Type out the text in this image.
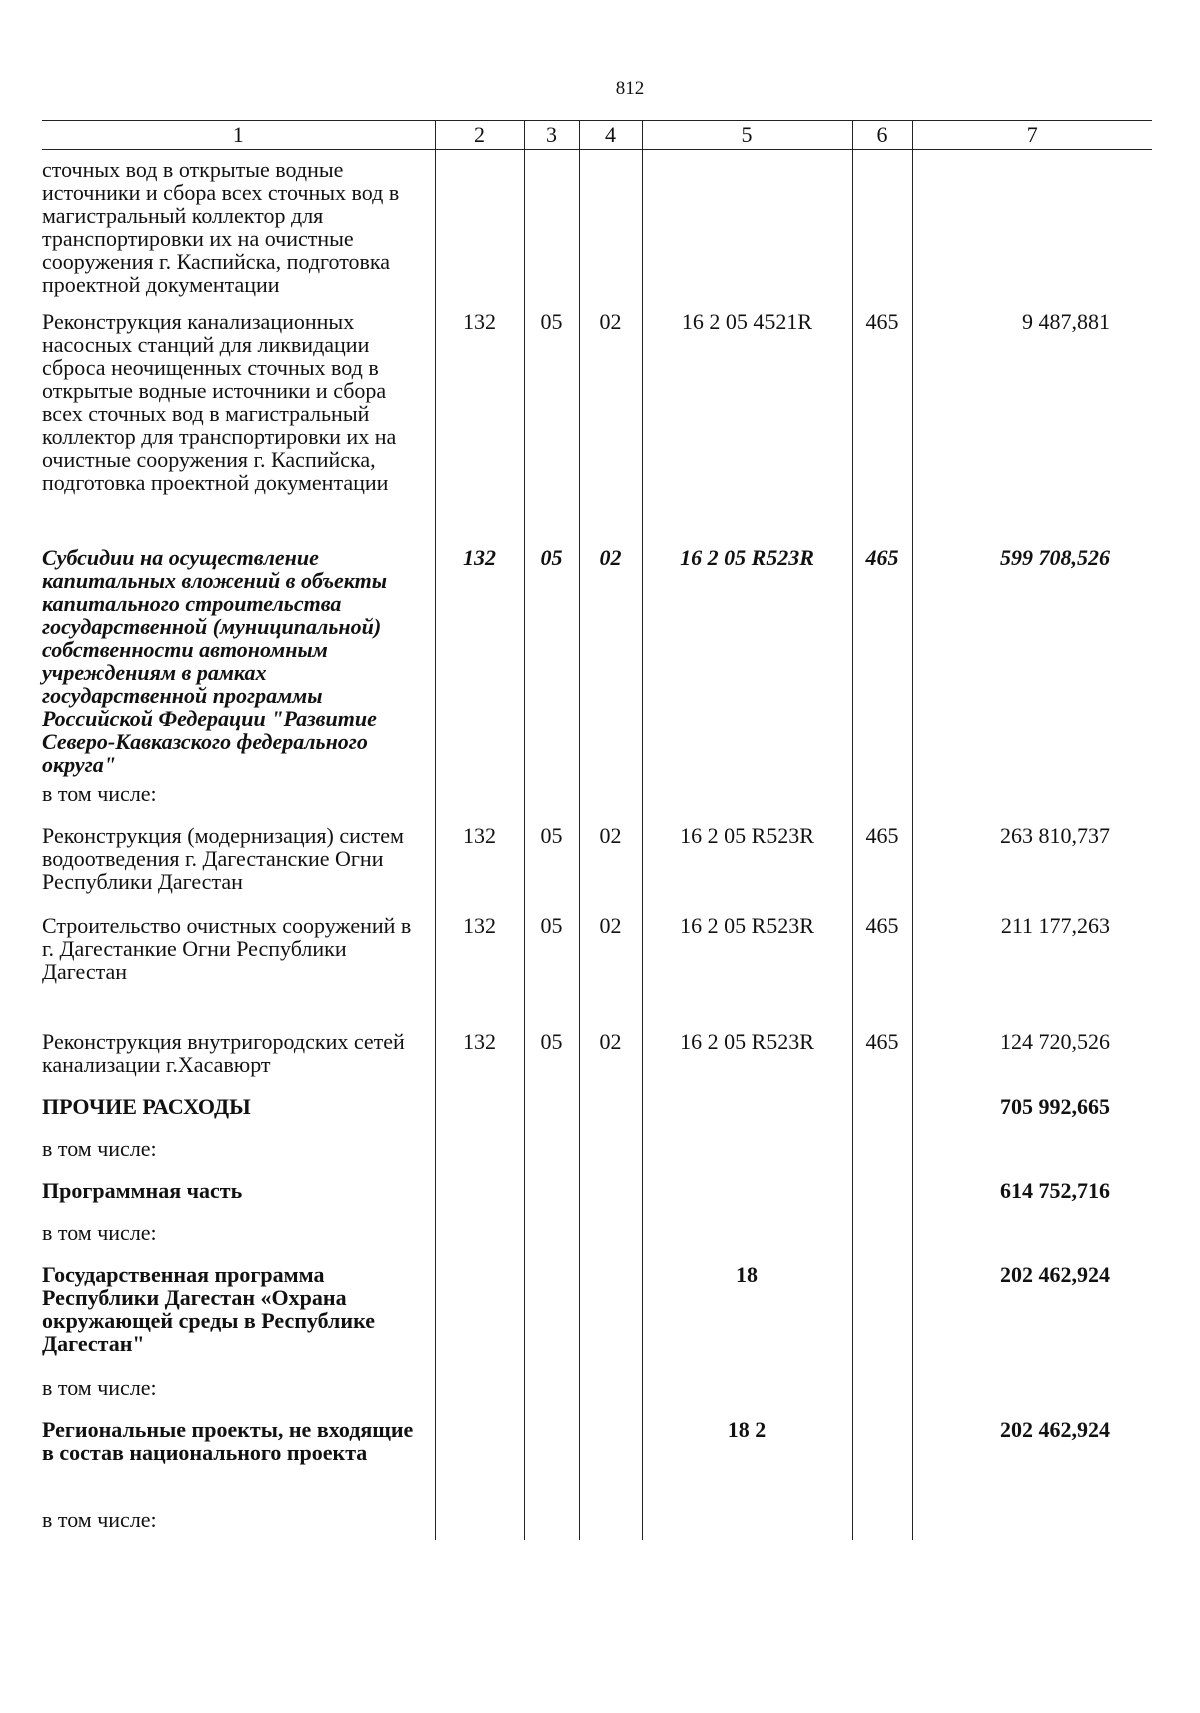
812
1	2	3	4	5	6	7

сточных вод в открытые водные источники и сбора всех сточных вод в магистральный коллектор для транспортировки их на очистные сооружения г. Каспийска, подготовка проектной документации						

Реконструкция канализационных насосных станций для ликвидации сброса неочищенных сточных вод в открытые водные источники и сбора всех сточных вод в магистральный коллектор для транспортировки их на очистные сооружения г. Каспийска, подготовка проектной документации	132	05	02	16 2 05 4521R	465	9 487,881

Субсидии на осуществление капитальных вложений в объекты капитального строительства государственной (муниципальной) собственности автономным учреждениям в рамках государственной программы Российской Федерации "Развитие Северо-Кавказского федерального округа"	132	05	02	16 2 05 R523R	465	599 708,526

в том числе:						

Реконструкция (модернизация) систем водоотведения г. Дагестанские Огни Республики Дагестан	132	05	02	16 2 05 R523R	465	263 810,737

Строительство очистных сооружений в г. Дагестанкие Огни Республики Дагестан	132	05	02	16 2 05 R523R	465	211 177,263

Реконструкция внутригородских сетей канализации г.Хасавюрт	132	05	02	16 2 05 R523R	465	124 720,526

ПРОЧИЕ РАСХОДЫ						705 992,665

в том числе:						

Программная часть						614 752,716

в том числе:						

Государственная программа Республики Дагестан «Охрана окружающей среды в Республике Дагестан"				18		202 462,924

в том числе:						

Региональные проекты, не входящие в состав национального проекта				18 2		202 462,924

в том числе:						
